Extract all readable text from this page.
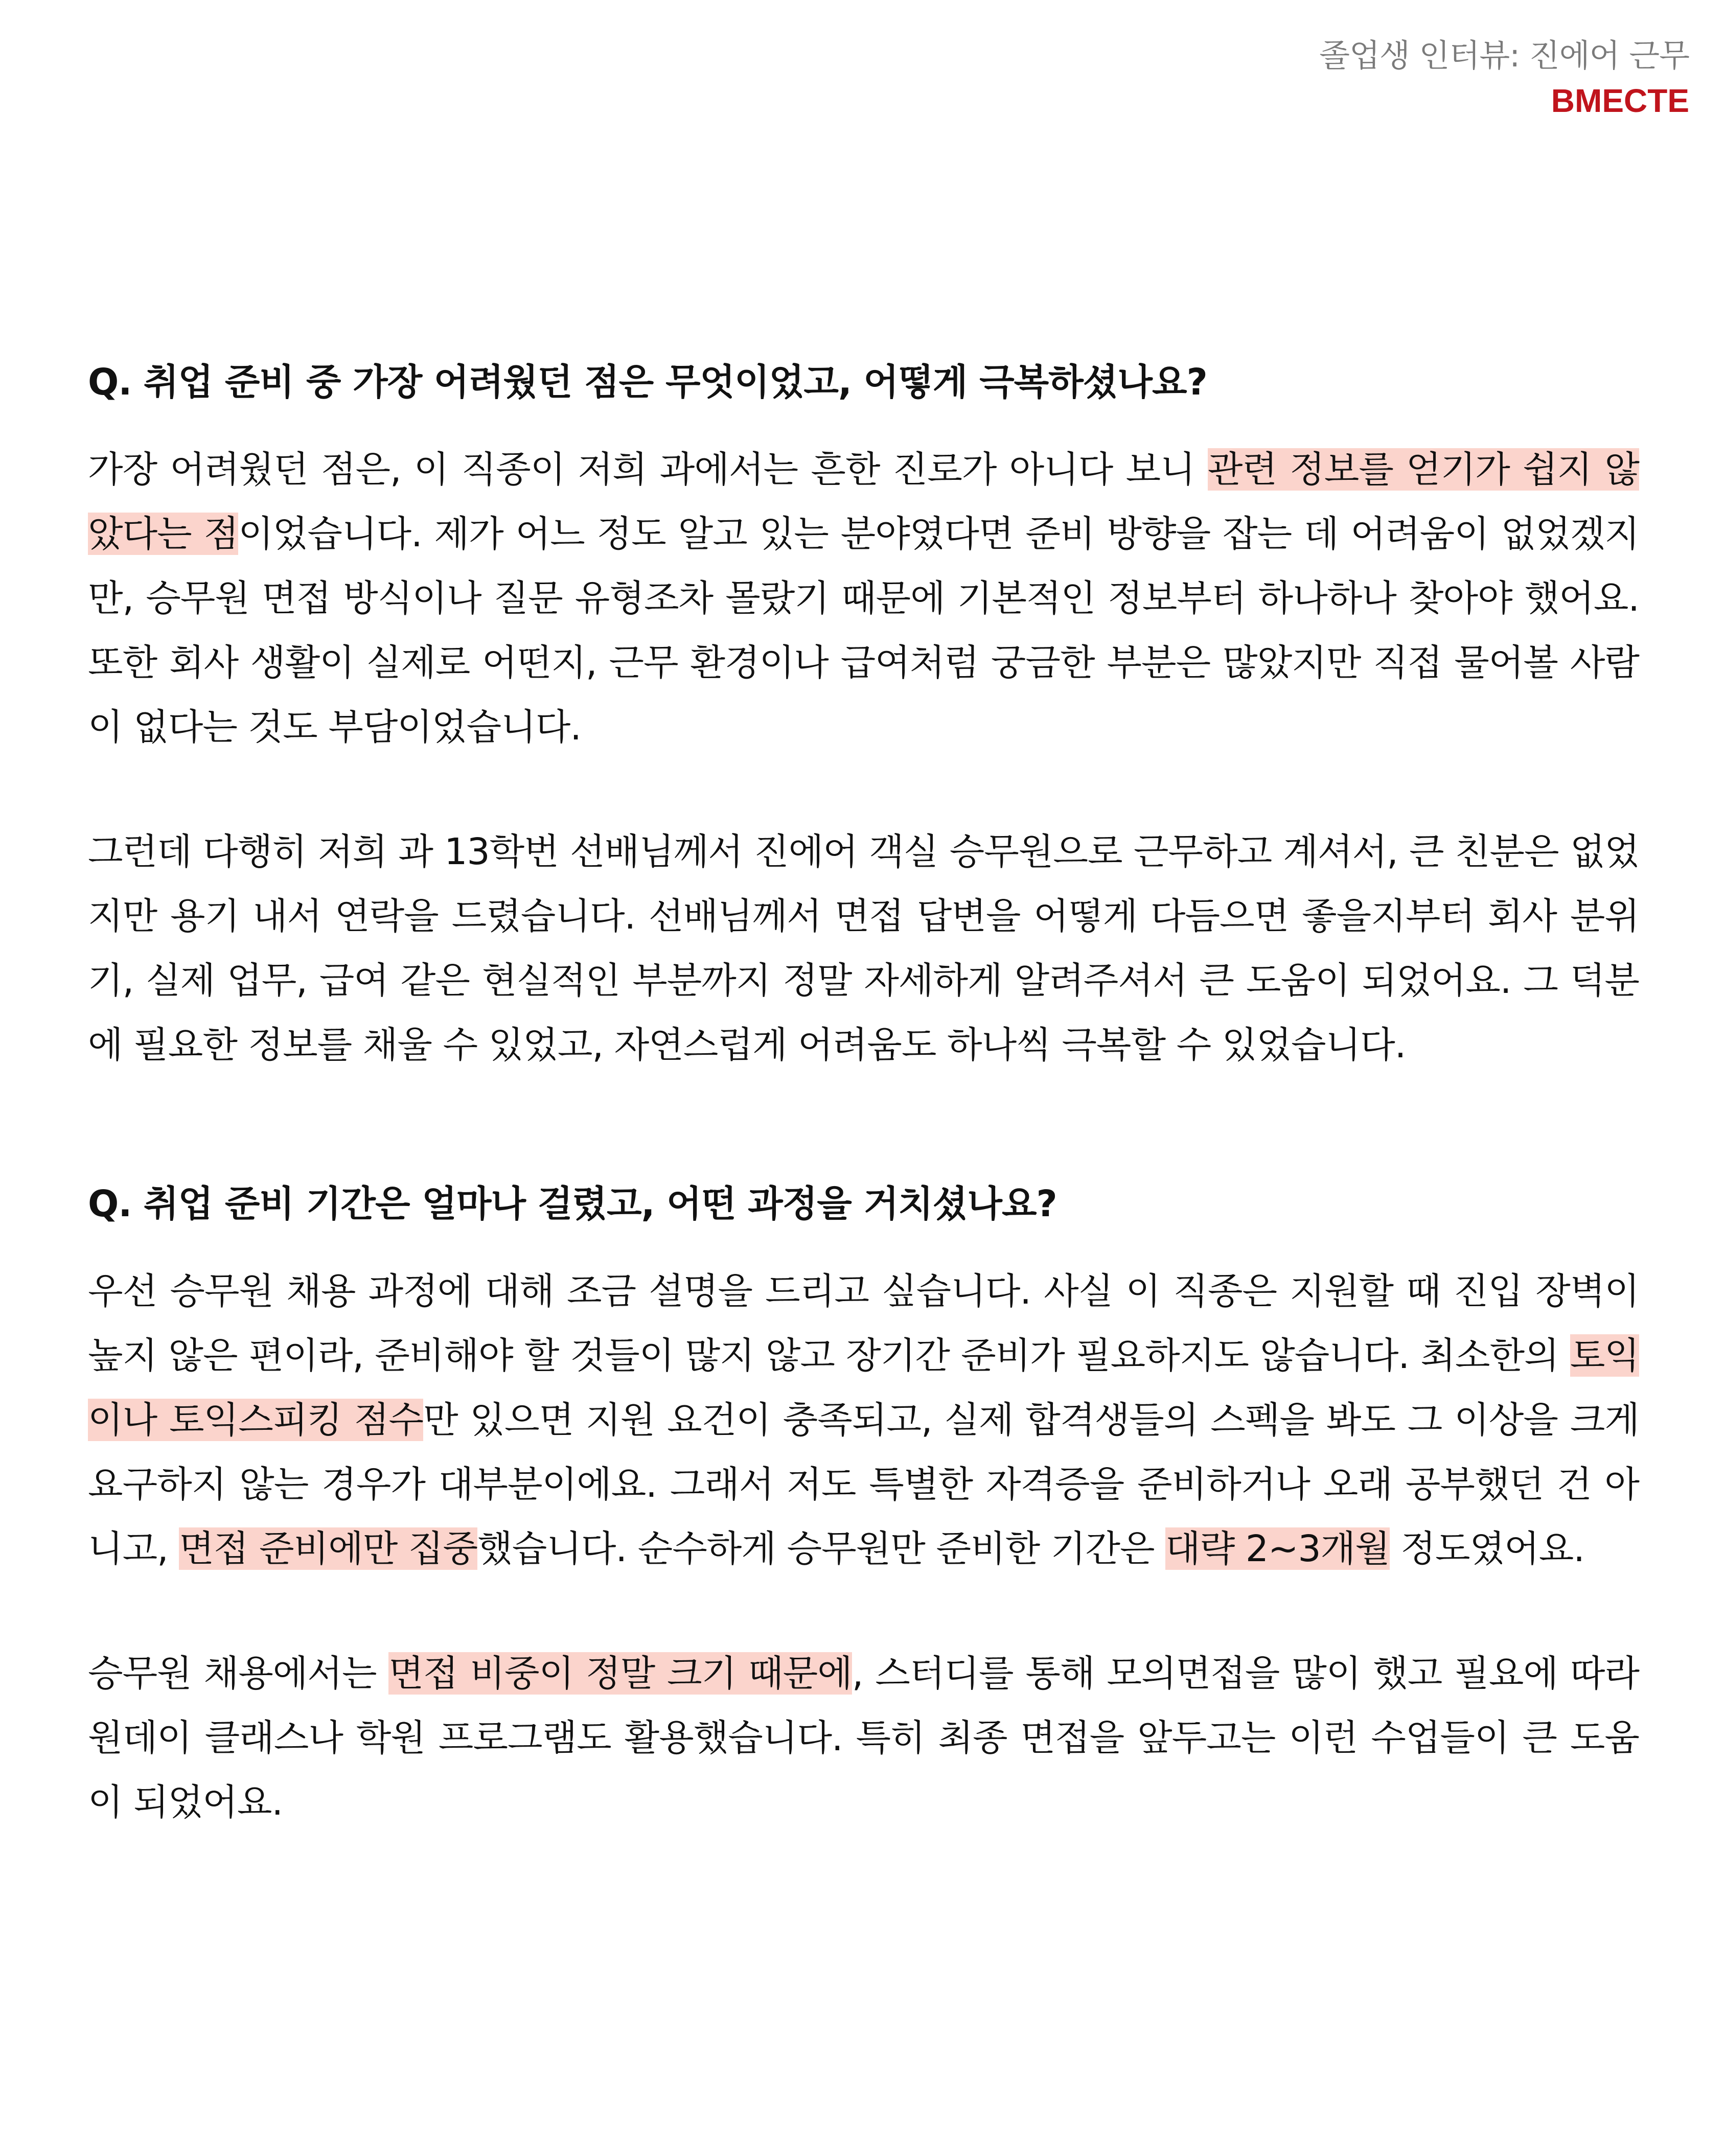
졸업생 인터뷰: 진에어 근무
BMECTE
Q. 취업 준비 중 가장 어려웠던 점은 무엇이었고, 어떻게 극복하셨나요?

가장 어려웠던 점은, 이 직종이 저희 과에서는 흔한 진로가 아니다 보니 관련 정보를 얻기가 쉽지 않았다는 점이었습니다. 제가 어느 정도 알고 있는 분야였다면 준비 방향을 잡는 데 어려움이 없었겠지만, 승무원 면접 방식이나 질문 유형조차 몰랐기 때문에 기본적인 정보부터 하나하나 찾아야 했어요. 또한 회사 생활이 실제로 어떤지, 근무 환경이나 급여처럼 궁금한 부분은 많았지만 직접 물어볼 사람이 없다는 것도 부담이었습니다.

그런데 다행히 저희 과 13학번 선배님께서 진에어 객실 승무원으로 근무하고 계셔서, 큰 친분은 없었지만 용기 내서 연락을 드렸습니다. 선배님께서 면접 답변을 어떻게 다듬으면 좋을지부터 회사 분위기, 실제 업무, 급여 같은 현실적인 부분까지 정말 자세하게 알려주셔서 큰 도움이 되었어요. 그 덕분에 필요한 정보를 채울 수 있었고, 자연스럽게 어려움도 하나씩 극복할 수 있었습니다.

Q. 취업 준비 기간은 얼마나 걸렸고, 어떤 과정을 거치셨나요?

우선 승무원 채용 과정에 대해 조금 설명을 드리고 싶습니다. 사실 이 직종은 지원할 때 진입 장벽이 높지 않은 편이라, 준비해야 할 것들이 많지 않고 장기간 준비가 필요하지도 않습니다. 최소한의 토익이나 토익스피킹 점수만 있으면 지원 요건이 충족되고, 실제 합격생들의 스펙을 봐도 그 이상을 크게 요구하지 않는 경우가 대부분이에요. 그래서 저도 특별한 자격증을 준비하거나 오래 공부했던 건 아니고, 면접 준비에만 집중했습니다. 순수하게 승무원만 준비한 기간은 대략 2~3개월 정도였어요.

승무원 채용에서는 면접 비중이 정말 크기 때문에, 스터디를 통해 모의면접을 많이 했고 필요에 따라 원데이 클래스나 학원 프로그램도 활용했습니다. 특히 최종 면접을 앞두고는 이런 수업들이 큰 도움이 되었어요.
